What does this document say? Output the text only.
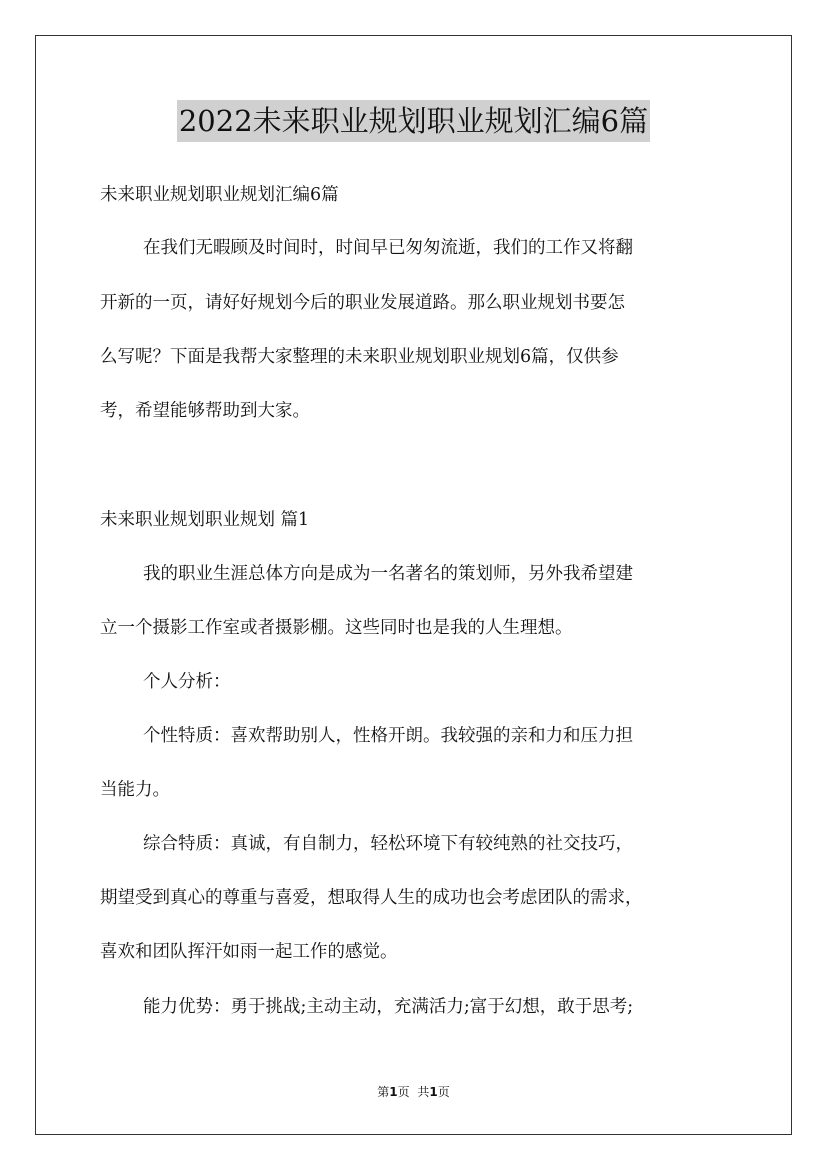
2022未来职业规划职业规划汇编6篇
未来职业规划职业规划汇编6篇
在我们无暇顾及时间时，时间早已匆匆流逝，我们的工作又将翻
开新的一页，请好好规划今后的职业发展道路。那么职业规划书要怎
么写呢？下面是我帮大家整理的未来职业规划职业规划6篇，仅供参
考，希望能够帮助到大家。
未来职业规划职业规划 篇1
我的职业生涯总体方向是成为一名著名的策划师，另外我希望建
立一个摄影工作室或者摄影棚。这些同时也是我的人生理想。
个人分析：
个性特质：喜欢帮助别人，性格开朗。我较强的亲和力和压力担
当能力。
综合特质：真诚，有自制力，轻松环境下有较纯熟的社交技巧，
期望受到真心的尊重与喜爱，想取得人生的成功也会考虑团队的需求，
喜欢和团队挥汗如雨一起工作的感觉。
能力优势：勇于挑战;主动主动，充满活力;富于幻想，敢于思考;
第1页 共1页
